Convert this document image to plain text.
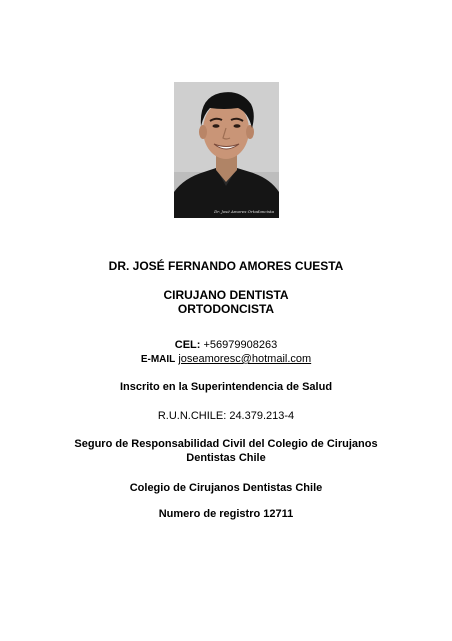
Dr. José Amores Ortodoncista
DR. JOSÉ FERNANDO AMORES CUESTA
CIRUJANO DENTISTA
ORTODONCISTA
CEL: +56979908263
E-MAIL joseamoresc@hotmail.com
Inscrito en la Superintendencia de Salud
R.U.N.CHILE: 24.379.213-4
Seguro de Responsabilidad Civil del Colegio de Cirujanos
Dentistas Chile
Colegio de Cirujanos Dentistas Chile
Numero de registro 12711
